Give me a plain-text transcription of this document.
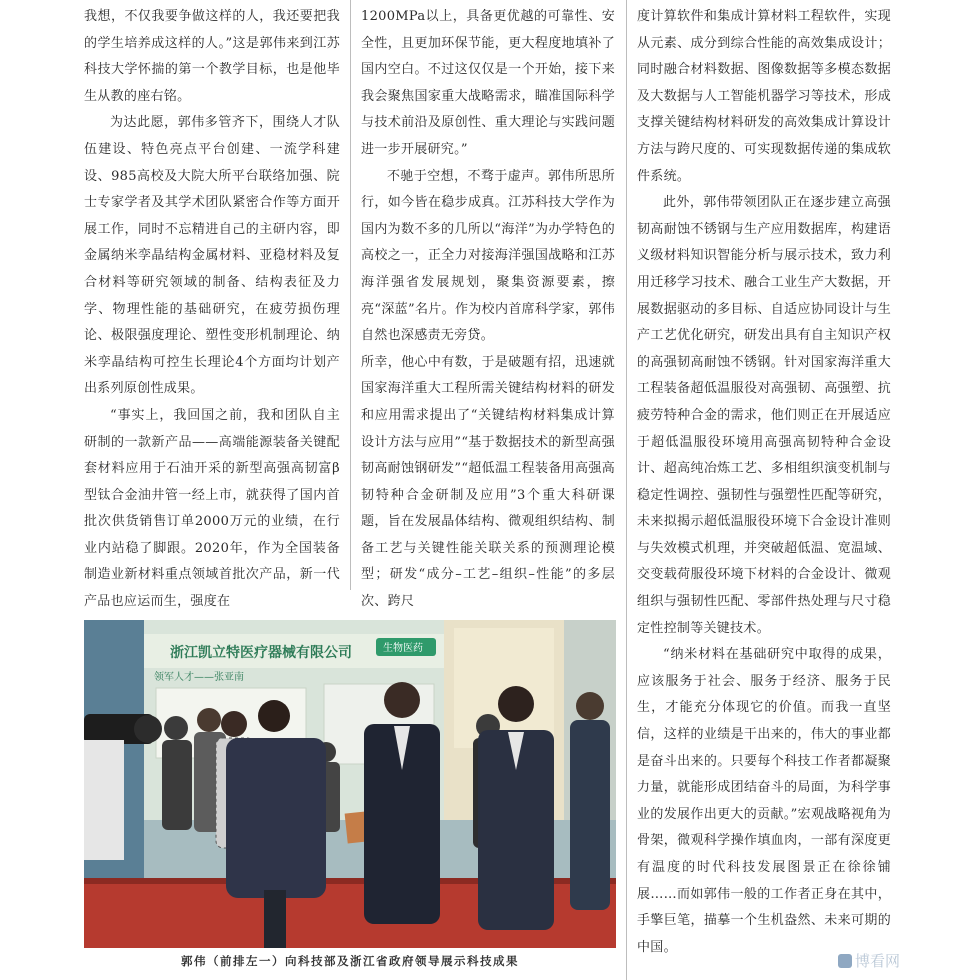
我想，不仅我要争做这样的人，我还要把我的学生培养成这样的人。”这是郭伟来到江苏科技大学怀揣的第一个教学目标，也是他毕生从教的座右铭。

为达此愿，郭伟多管齐下，围绕人才队伍建设、特色亮点平台创建、一流学科建设、985高校及大院大所平台联络加强、院士专家学者及其学术团队紧密合作等方面开展工作，同时不忘精进自己的主研内容，即金属纳米孪晶结构金属材料、亚稳材料及复合材料等研究领域的制备、结构表征及力学、物理性能的基础研究，在疲劳损伤理论、极限强度理论、塑性变形机制理论、纳米孪晶结构可控生长理论4个方面均计划产出系列原创性成果。

“事实上，我回国之前，我和团队自主研制的一款新产品——高端能源装备关键配套材料应用于石油开采的新型高强高韧富β型钛合金油井管一经上市，就获得了国内首批次供货销售订单2000万元的业绩，在行业内站稳了脚跟。2020年，作为全国装备制造业新材料重点领域首批次产品，新一代产品也应运而生，强度在

1200MPa以上，具备更优越的可靠性、安全性，且更加环保节能，更大程度地填补了国内空白。不过这仅仅是一个开始，接下来我会聚焦国家重大战略需求，瞄准国际科学与技术前沿及原创性、重大理论与实践问题进一步开展研究。”

不驰于空想，不骛于虚声。郭伟所思所行，如今皆在稳步成真。江苏科技大学作为国内为数不多的几所以“海洋”为办学特色的高校之一，正全力对接海洋强国战略和江苏海洋强省发展规划，聚集资源要素，擦亮“深蓝”名片。作为校内首席科学家，郭伟自然也深感责无旁贷。

所幸，他心中有数，于是破题有招，迅速就国家海洋重大工程所需关键结构材料的研发和应用需求提出了“关键结构材料集成计算设计方法与应用”“基于数据技术的新型高强韧高耐蚀钢研发”“超低温工程装备用高强高韧特种合金研制及应用”3个重大科研课题，旨在发展晶体结构、微观组织结构、制备工艺与关键性能关联关系的预测理论模型；研发“成分–工艺–组织–性能”的多层次、跨尺

度计算软件和集成计算材料工程软件，实现从元素、成分到综合性能的高效集成设计；同时融合材料数据、图像数据等多模态数据及大数据与人工智能机器学习等技术，形成支撑关键结构材料研发的高效集成计算设计方法与跨尺度的、可实现数据传递的集成软件系统。

此外，郭伟带领团队正在逐步建立高强韧高耐蚀不锈钢与生产应用数据库，构建语义级材料知识智能分析与展示技术，致力利用迁移学习技术、融合工业生产大数据，开展数据驱动的多目标、自适应协同设计与生产工艺优化研究，研发出具有自主知识产权的高强韧高耐蚀不锈钢。针对国家海洋重大工程装备超低温服役对高强韧、高强塑、抗疲劳特种合金的需求，他们则正在开展适应于超低温服役环境用高强高韧特种合金设计、超高纯冶炼工艺、多相组织演变机制与稳定性调控、强韧性与强塑性匹配等研究，未来拟揭示超低温服役环境下合金设计准则与失效模式机理，并突破超低温、宽温域、交变载荷服役环境下材料的合金设计、微观组织与强韧性匹配、零部件热处理与尺寸稳定性控制等关键技术。

“纳米材料在基础研究中取得的成果，应该服务于社会、服务于经济、服务于民生，才能充分体现它的价值。而我一直坚信，这样的业绩是干出来的，伟大的事业都是奋斗出来的。只要每个科技工作者都凝聚力量，就能形成团结奋斗的局面，为科学事业的发展作出更大的贡献。”宏观战略视角为骨架，微观科学操作填血肉，一部有深度更有温度的时代科技发展图景正在徐徐铺展……而如郭伟一般的工作者正身在其中，手擎巨笔，描摹一个生机盎然、未来可期的中国。

浙江凯立特医疗器械有限公司	生物医药
领军人才——张亚南
郭伟（前排左一）向科技部及浙江省政府领导展示科技成果	博看网
